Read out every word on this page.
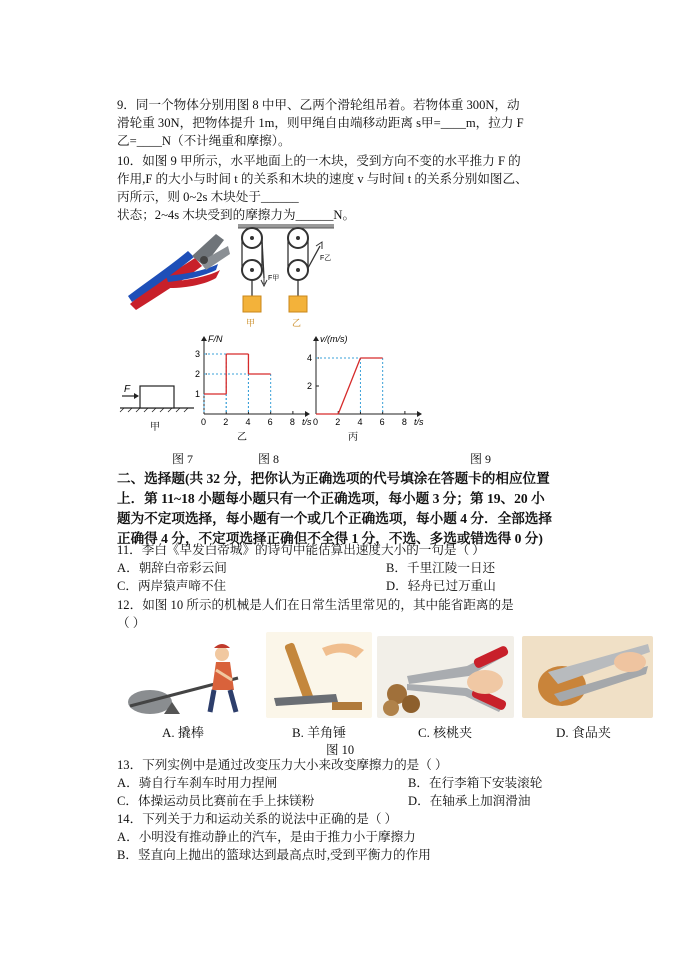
9．同一个物体分别用图 8 中甲、乙两个滑轮组吊着。若物体重 300N，动
滑轮重 30N，把物体提升 1m，则甲绳自由端移动距离 s甲=____m，拉力 F
乙=____N（不计绳重和摩擦）。
10．如图 9 甲所示，水平地面上的一木块，受到方向不变的水平推力 F 的
作用,F 的大小与时间 t 的关系和木块的速度 v 与时间 t 的关系分别如图乙、
丙所示，则 0~2s 木块处于______
状态；2~4s 木块受到的摩擦力为______N。
F甲
F乙
甲	乙
F
甲	0 2 4 6 8
1
2
3
t/s
F/N
乙
0 2 4 6 8
2
4
t/s
v/(m/s)
丙
图 7	图 8	图 9
二、选择题(共 32 分，把你认为正确选项的代号填涂在答题卡的相应位置
上．第 11~18 小题每小题只有一个正确选项，每小题 3 分；第 19、20 小
题为不定项选择，每小题有一个或几个正确选项，每小题 4 分．全部选择
正确得 4 分，不定项选择正确但不全得 1 分，不选、多选或错选得 0 分)
11．李白《早发白帝城》的诗句中能估算出速度大小的一句是（ ）
A．朝辞白帝彩云间	B．千里江陵一日还
C．两岸猿声啼不住	D．轻舟已过万重山
12．如图 10 所示的机械是人们在日常生活里常见的，其中能省距离的是
（ ）
A. 撬棒	B. 羊角锤	C. 核桃夹	D. 食品夹
图 10
13．下列实例中是通过改变压力大小来改变摩擦力的是（ ）
A．骑自行车刹车时用力捏闸	B．在行李箱下安装滚轮
C．体操运动员比赛前在手上抹镁粉	D．在轴承上加润滑油
14．下列关于力和运动关系的说法中正确的是（ ）
A．小明没有推动静止的汽车，是由于推力小于摩擦力
B．竖直向上抛出的篮球达到最高点时,受到平衡力的作用
